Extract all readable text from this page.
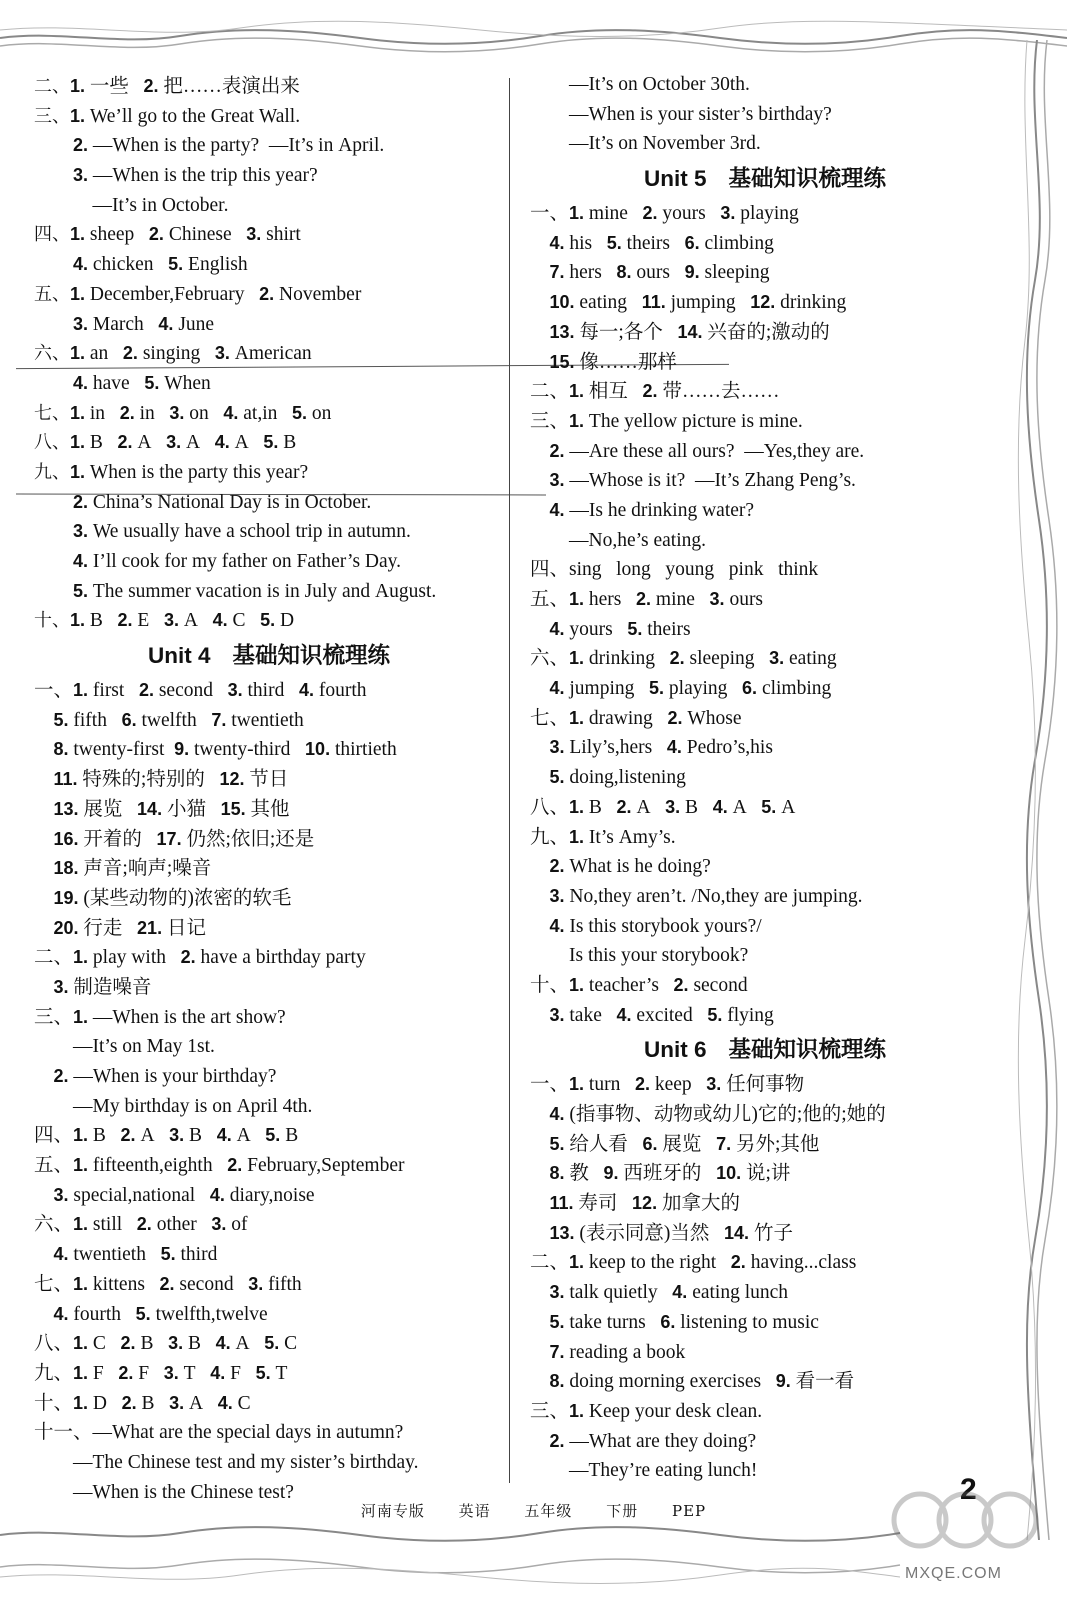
二、1. 一些   2. 把……表演出来
三、1. We’ll go to the Great Wall.
2. —When is the party?  —It’s in April.
3. —When is the trip this year?
—It’s in October.
四、1. sheep   2. Chinese   3. shirt
4. chicken   5. English
五、1. December,February   2. November
3. March   4. June
六、1. an   2. singing   3. American
4. have   5. When
七、1. in   2. in   3. on   4. at,in   5. on
八、1. B   2. A   3. A   4. A   5. B
九、1. When is the party this year?
2. China’s National Day is in October.
3. We usually have a school trip in autumn.
4. I’ll cook for my father on Father’s Day.
5. The summer vacation is in July and August.
十、1. B   2. E   3. A   4. C   5. D
Unit 4 基础知识梳理练
一、1. first   2. second   3. third   4. fourth
5. fifth   6. twelfth   7. twentieth
8. twenty-first  9. twenty-third   10. thirtieth
11. 特殊的;特别的   12. 节日
13. 展览   14. 小猫   15. 其他
16. 开着的   17. 仍然;依旧;还是
18. 声音;响声;噪音
19. (某些动物的)浓密的软毛
20. 行走   21. 日记
二、1. play with   2. have a birthday party
3. 制造噪音
三、1. —When is the art show?
—It’s on May 1st.
2. —When is your birthday?
—My birthday is on April 4th.
四、1. B   2. A   3. B   4. A   5. B
五、1. fifteenth,eighth   2. February,September
3. special,national   4. diary,noise
六、1. still   2. other   3. of
4. twentieth   5. third
七、1. kittens   2. second   3. fifth
4. fourth   5. twelfth,twelve
八、1. C   2. B   3. B   4. A   5. C
九、1. F   2. F   3. T   4. F   5. T
十、1. D   2. B   3. A   4. C
十一、—What are the special days in autumn?
—The Chinese test and my sister’s birthday.
—When is the Chinese test?
—It’s on October 30th.
—When is your sister’s birthday?
—It’s on November 3rd.
Unit 5 基础知识梳理练
一、1. mine   2. yours   3. playing
4. his   5. theirs   6. climbing
7. hers   8. ours   9. sleeping
10. eating   11. jumping   12. drinking
13. 每一;各个   14. 兴奋的;激动的
15. 像……那样
二、1. 相互   2. 带……去……
三、1. The yellow picture is mine.
2. —Are these all ours?  —Yes,they are.
3. —Whose is it?  —It’s Zhang Peng’s.
4. —Is he drinking water?
—No,he’s eating.
四、sing   long   young   pink   think
五、1. hers   2. mine   3. ours
4. yours   5. theirs
六、1. drinking   2. sleeping   3. eating
4. jumping   5. playing   6. climbing
七、1. drawing   2. Whose
3. Lily’s,hers   4. Pedro’s,his
5. doing,listening
八、1. B   2. A   3. B   4. A   5. A
九、1. It’s Amy’s.
2. What is he doing?
3. No,they aren’t. /No,they are jumping.
4. Is this storybook yours?/
Is this your storybook?
十、1. teacher’s   2. second
3. take   4. excited   5. flying
Unit 6 基础知识梳理练
一、1. turn   2. keep   3. 任何事物
4. (指事物、动物或幼儿)它的;他的;她的
5. 给人看   6. 展览   7. 另外;其他
8. 教   9. 西班牙的   10. 说;讲
11. 寿司   12. 加拿大的
13. (表示同意)当然   14. 竹子
二、1. keep to the right   2. having...class
3. talk quietly   4. eating lunch
5. take turns   6. listening to music
7. reading a book
8. doing morning exercises   9. 看一看
三、1. Keep your desk clean.
2. —What are they doing?
—They’re eating lunch!
河南专版 英语 五年级 下册 PEP
2
MXQE.COM
